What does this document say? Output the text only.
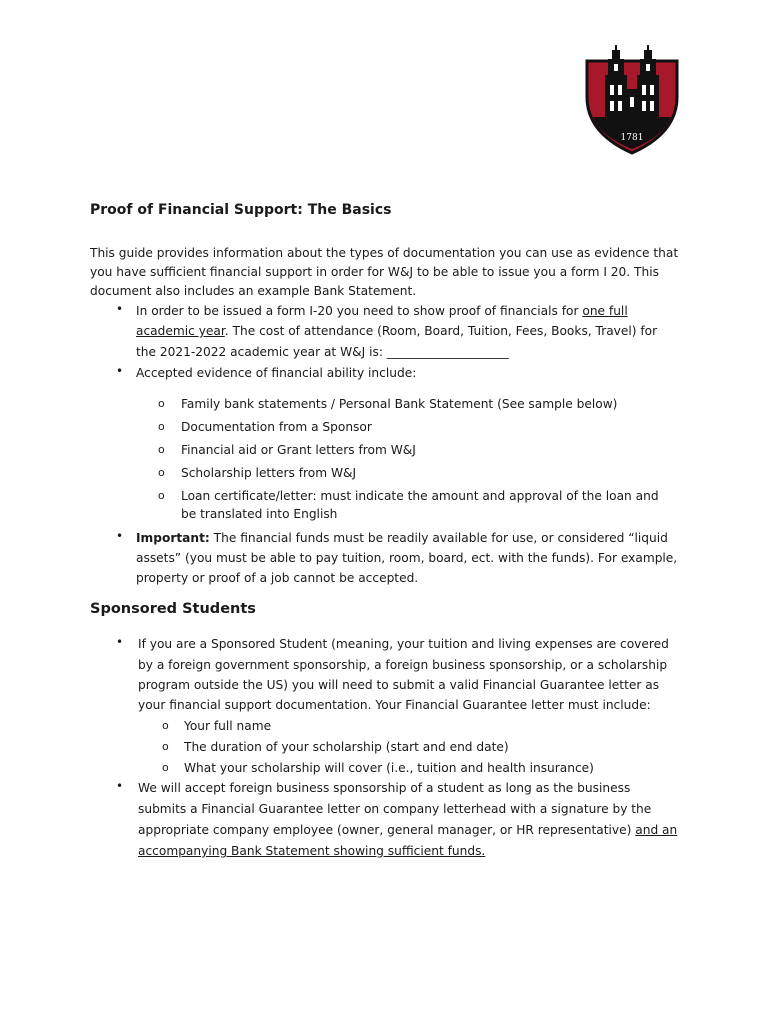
1781
Proof of Financial Support: The Basics
This guide provides information about the types of documentation you can use as evidence that
you have sufficient financial support in order for W&J to be able to issue you a form I 20. This
document also includes an example Bank Statement.
• In order to be issued a form I-20 you need to show proof of financials for one full
academic year. The cost of attendance (Room, Board, Tuition, Fees, Books, Travel) for
the 2021-2022 academic year at W&J is: ____________________
• Accepted evidence of financial ability include:
o Family bank statements / Personal Bank Statement (See sample below)
o Documentation from a Sponsor
o Financial aid or Grant letters from W&J
o Scholarship letters from W&J
o Loan certificate/letter: must indicate the amount and approval of the loan and
be translated into English
• Important: The financial funds must be readily available for use, or considered “liquid
assets” (you must be able to pay tuition, room, board, ect. with the funds). For example,
property or proof of a job cannot be accepted.
Sponsored Students
• If you are a Sponsored Student (meaning, your tuition and living expenses are covered
by a foreign government sponsorship, a foreign business sponsorship, or a scholarship
program outside the US) you will need to submit a valid Financial Guarantee letter as
your financial support documentation. Your Financial Guarantee letter must include:
o Your full name
o The duration of your scholarship (start and end date)
o What your scholarship will cover (i.e., tuition and health insurance)
• We will accept foreign business sponsorship of a student as long as the business
submits a Financial Guarantee letter on company letterhead with a signature by the
appropriate company employee (owner, general manager, or HR representative) and an
accompanying Bank Statement showing sufficient funds.
